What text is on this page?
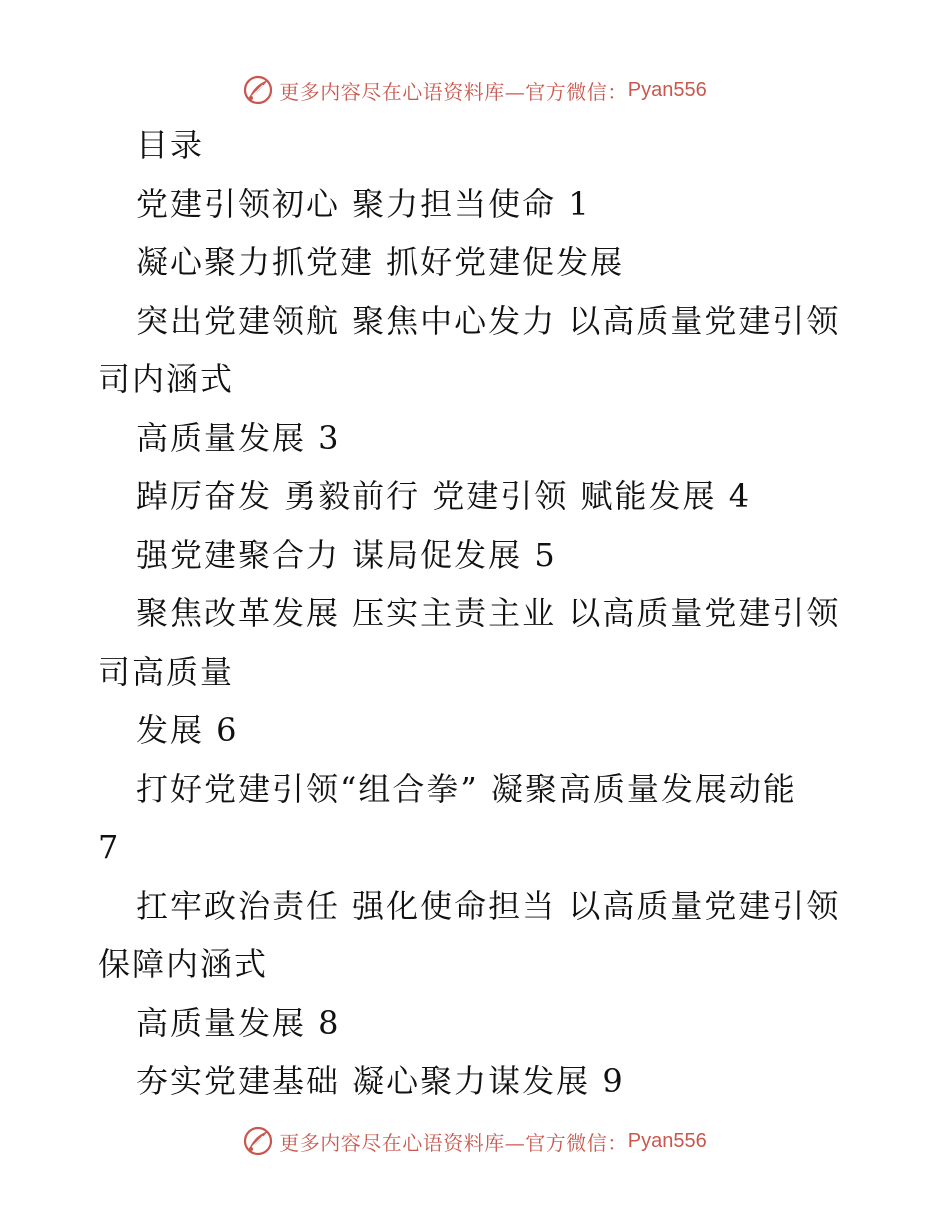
更多内容尽在心语资料库—官方微信： Pyan556
目录
党建引领初心 聚力担当使命 1
凝心聚力抓党建 抓好党建促发展
突出党建领航 聚焦中心发力 以高质量党建引领
司内涵式
高质量发展 3
踔厉奋发 勇毅前行 党建引领 赋能发展 4
强党建聚合力 谋局促发展 5
聚焦改革发展 压实主责主业 以高质量党建引领
司高质量
发展 6
打好党建引领“组合拳” 凝聚高质量发展动能
7
扛牢政治责任 强化使命担当 以高质量党建引领
保障内涵式
高质量发展 8
夯实党建基础 凝心聚力谋发展 9
更多内容尽在心语资料库—官方微信： Pyan556
